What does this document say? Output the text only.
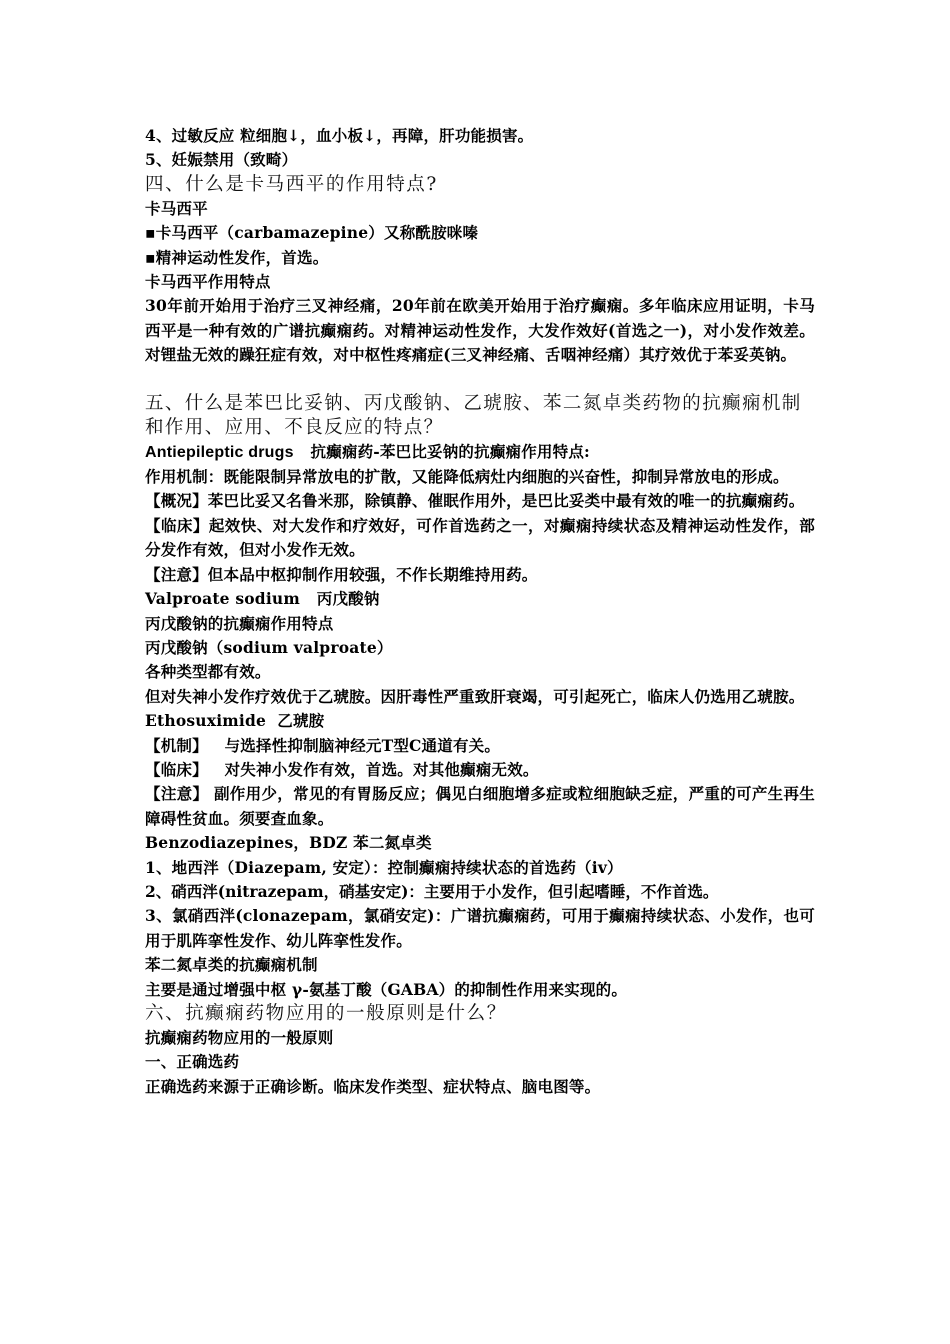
4、过敏反应 粒细胞↓，血小板↓，再障，肝功能损害。
5、妊娠禁用（致畸）
四、什么是卡马西平的作用特点?
卡马西平
▪卡马西平（carbamazepine）又称酰胺咪嗪
▪精神运动性发作，首选。
卡马西平作用特点
30年前开始用于治疗三叉神经痛，20年前在欧美开始用于治疗癫痫。多年临床应用证明，卡马西平是一种有效的广谱抗癫痫药。对精神运动性发作，大发作效好(首选之一)，对小发作效差。对锂盐无效的躁狂症有效，对中枢性疼痛症(三叉神经痛、舌咽神经痛）其疗效优于苯妥英钠。
五、什么是苯巴比妥钠、丙戊酸钠、乙琥胺、苯二氮卓类药物的抗癫痫机制和作用、应用、不良反应的特点？
Antiepileptic drugs 抗癫痫药-苯巴比妥钠的抗癫痫作用特点:
作用机制：既能限制异常放电的扩散，又能降低病灶内细胞的兴奋性，抑制异常放电的形成。
【概况】苯巴比妥又名鲁米那，除镇静、催眠作用外，是巴比妥类中最有效的唯一的抗癫痫药。
【临床】起效快、对大发作和疗效好，可作首选药之一，对癫痫持续状态及精神运动性发作，部分发作有效，但对小发作无效。
【注意】但本品中枢抑制作用较强，不作长期维持用药。
Valproate sodium   丙戊酸钠
丙戊酸钠的抗癫痫作用特点
丙戊酸钠（sodium valproate）
各种类型都有效。
但对失神小发作疗效优于乙琥胺。因肝毒性严重致肝衰竭，可引起死亡，临床人仍选用乙琥胺。
Ethosuximide  乙琥胺
【机制】   与选择性抑制脑神经元T型C通道有关。
【临床】   对失神小发作有效，首选。对其他癫痫无效。
【注意】 副作用少，常见的有胃肠反应；偶见白细胞增多症或粒细胞缺乏症，严重的可产生再生障碍性贫血。须要查血象。
Benzodiazepines，BDZ 苯二氮卓类
1、地西泮（Diazepam, 安定）：控制癫痫持续状态的首选药（iv）
2、硝西泮(nitrazepam，硝基安定)：主要用于小发作，但引起嗜睡，不作首选。
3、氯硝西泮(clonazepam，氯硝安定)：广谱抗癫痫药，可用于癫痫持续状态、小发作，也可用于肌阵挛性发作、幼儿阵挛性发作。
苯二氮卓类的抗癫痫机制
主要是通过增强中枢 γ-氨基丁酸（GABA）的抑制性作用来实现的。
六、抗癫痫药物应用的一般原则是什么？
抗癫痫药物应用的一般原则
一、正确选药
正确选药来源于正确诊断。临床发作类型、症状特点、脑电图等。
